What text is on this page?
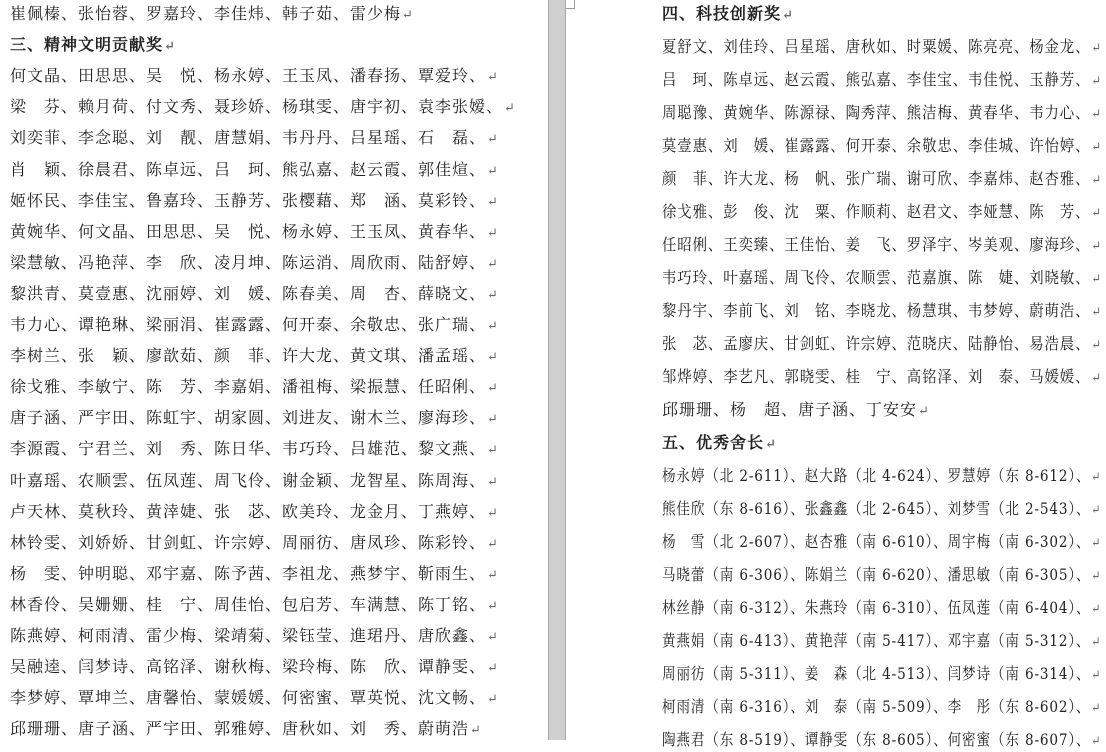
崔佩榛、张怡蓉、罗嘉玲、李佳炜、韩子茹、雷少梅↵
三、精神文明贡献奖↵
何文晶、田思思、吴　悦、杨永婷、王玉凤、潘春扬、覃爱玲、↵
梁　芬、赖月荷、付文秀、聂珍娇、杨琪雯、唐宇初、袁李张嫒、↵
刘奕菲、李念聪、刘　靓、唐慧娟、韦丹丹、吕星瑶、石　磊、↵
肖　颖、徐晨君、陈卓远、吕　珂、熊弘嘉、赵云霞、郭佳煊、↵
姬怀民、李佳宝、鲁嘉玲、玉静芳、张樱藉、郑　涵、莫彩铃、↵
黄婉华、何文晶、田思思、吴　悦、杨永婷、王玉凤、黄春华、↵
梁慧敏、冯艳萍、李　欣、凌月坤、陈运消、周欣雨、陆舒婷、↵
黎洪青、莫壹惠、沈丽婷、刘　媛、陈春美、周　杏、薛晓文、↵
韦力心、谭艳琳、梁丽涓、崔露露、何开泰、余敬忠、张广瑞、↵
李树兰、张　颖、廖歆茹、颜　菲、许大龙、黄文琪、潘孟瑶、↵
徐戈雅、李敏宁、陈　芳、李嘉娟、潘祖梅、梁振慧、任昭俐、↵
唐子涵、严宇田、陈虹宇、胡家圆、刘进友、谢木兰、廖海珍、↵
李源霞、宁君兰、刘　秀、陈日华、韦巧玲、吕雄范、黎文燕、↵
叶嘉瑶、农顺雲、伍凤莲、周飞伶、谢金颖、龙智星、陈周海、↵
卢天林、莫秋玲、黄涬婕、张　苾、欧美玲、龙金月、丁燕婷、↵
林铃雯、刘娇娇、甘剑虹、许宗婷、周丽彷、唐凤珍、陈彩铃、↵
杨　雯、钟明聪、邓宇嘉、陈予茜、李祖龙、燕梦宇、靳雨生、↵
林香伶、吴姗姗、桂　宁、周佳怡、包启芳、车满慧、陈丁铭、↵
陈燕婷、柯雨清、雷少梅、梁靖菊、梁钰莹、進珺丹、唐欣鑫、↵
吴融逵、闫梦诗、高铭泽、谢秋梅、梁玲梅、陈　欣、谭静雯、↵
李梦婷、覃坤兰、唐馨怡、蒙媛媛、何密蜜、覃英悦、沈文畅、↵
邱珊珊、唐子涵、严宇田、郭雅婷、唐秋如、刘　秀、蔚萌浩↵
四、科技创新奖↵
夏舒文、刘佳玲、吕星瑶、唐秋如、时粟媛、陈亮亮、杨金龙、↵
吕　珂、陈卓远、赵云霞、熊弘嘉、李佳宝、韦佳悦、玉静芳、↵
周聪豫、黄婉华、陈源禄、陶秀萍、熊洁梅、黄春华、韦力心、↵
莫壹惠、刘　媛、崔露露、何开泰、余敬忠、李佳城、许怡婷、↵
颜　菲、许大龙、杨　帆、张广瑞、谢可欣、李嘉炜、赵杏雅、↵
徐戈雅、彭　俊、沈　粟、作顺莉、赵君文、李娅慧、陈　芳、↵
任昭俐、王奕臻、王佳怡、姜　飞、罗泽宇、岑美观、廖海珍、↵
韦巧玲、叶嘉瑶、周飞伶、农顺雲、范嘉旗、陈　婕、刘晓敏、↵
黎丹宇、李前飞、刘　铭、李晓龙、杨慧琪、韦梦婷、蔚萌浩、↵
张　苾、孟廖庆、甘剑虹、许宗婷、范晓庆、陆静怡、易浩晨、↵
邹烨婷、李艺凡、郭晓雯、桂　宁、高铭泽、刘　泰、马媛媛、↵
邱珊珊、杨　超、唐子涵、丁安安↵
五、优秀舍长↵
杨永婷（北 2-611）、赵大路（北 4-624）、罗慧婷（东 8-612）、↵
熊佳欣（东 8-616）、张鑫鑫（北 2-645）、刘梦雪（北 2-543）、↵
杨　雪（北 2-607）、赵杏雅（南 6-610）、周宇梅（南 6-302）、↵
马晓蕾（南 6-306）、陈娟兰（南 6-620）、潘思敏（南 6-305）、↵
林丝静（南 6-312）、朱燕玲（南 6-310）、伍凤莲（南 6-404）、↵
黄燕娟（南 6-413）、黄艳萍（南 5-417）、邓宇嘉（南 5-312）、↵
周丽彷（南 5-311）、姜　森（北 4-513）、闫梦诗（南 6-314）、↵
柯雨清（南 6-316）、刘　泰（南 5-509）、李　彤（东 8-602）、↵
陶燕君（东 8-519）、谭静雯（东 8-605）、何密蜜（东 8-607）、↵
